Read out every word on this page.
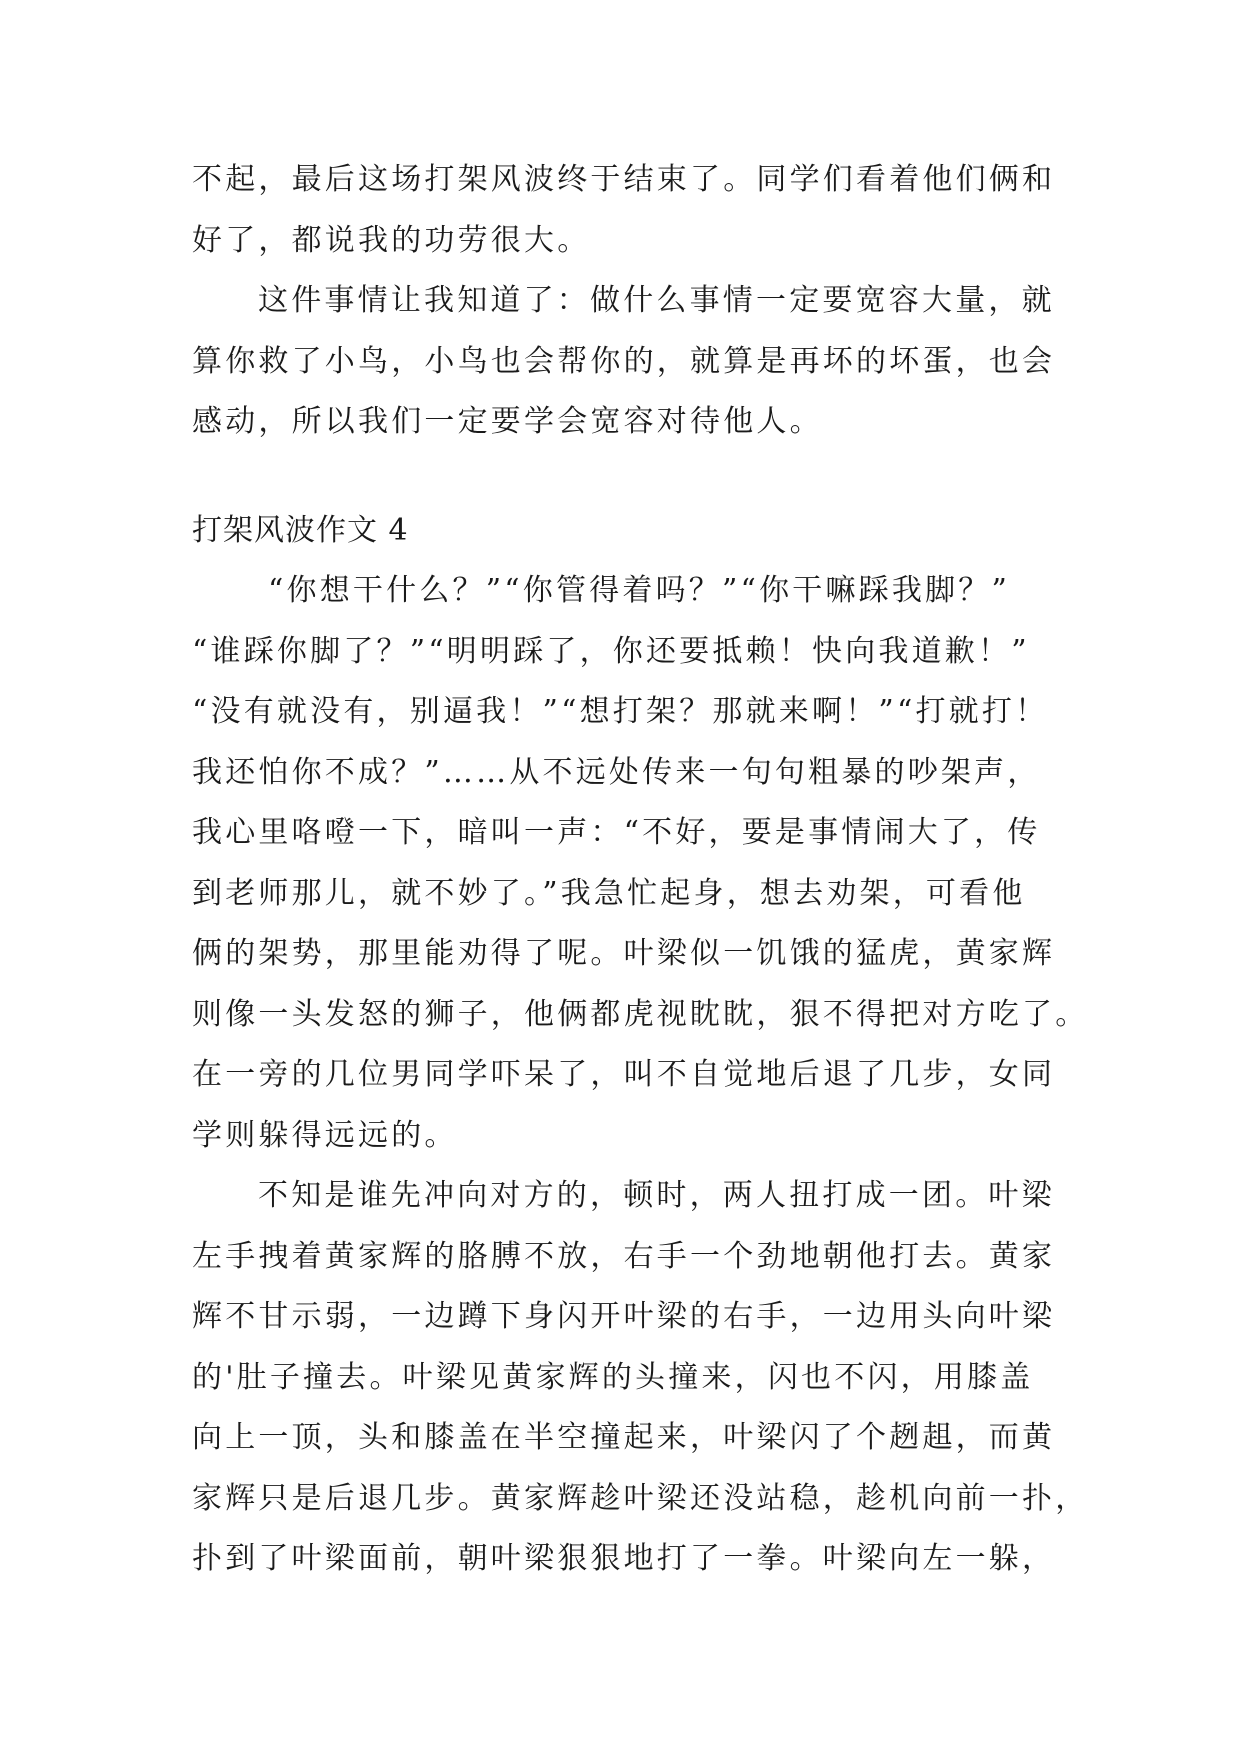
不起，最后这场打架风波终于结束了。同学们看着他们俩和
好了，都说我的功劳很大。
这件事情让我知道了：做什么事情一定要宽容大量，就
算你救了小鸟，小鸟也会帮你的，就算是再坏的坏蛋，也会
感动，所以我们一定要学会宽容对待他人。
打架风波作文 4
“你想干什么？”“你管得着吗？”“你干嘛踩我脚？”
“谁踩你脚了？”“明明踩了，你还要抵赖！快向我道歉！”
“没有就没有，别逼我！”“想打架？那就来啊！”“打就打！
我还怕你不成？”……从不远处传来一句句粗暴的吵架声，
我心里咯噔一下，暗叫一声：“不好，要是事情闹大了，传
到老师那儿，就不妙了。”我急忙起身，想去劝架，可看他
俩的架势，那里能劝得了呢。叶梁似一饥饿的猛虎，黄家辉
则像一头发怒的狮子，他俩都虎视眈眈，狠不得把对方吃了。
在一旁的几位男同学吓呆了，叫不自觉地后退了几步，女同
学则躲得远远的。
不知是谁先冲向对方的，顿时，两人扭打成一团。叶梁
左手拽着黄家辉的胳膊不放，右手一个劲地朝他打去。黄家
辉不甘示弱，一边蹲下身闪开叶梁的右手，一边用头向叶梁
的'肚子撞去。叶梁见黄家辉的头撞来，闪也不闪，用膝盖
向上一顶，头和膝盖在半空撞起来，叶梁闪了个趔趄，而黄
家辉只是后退几步。黄家辉趁叶梁还没站稳，趁机向前一扑，
扑到了叶梁面前，朝叶梁狠狠地打了一拳。叶梁向左一躲，
